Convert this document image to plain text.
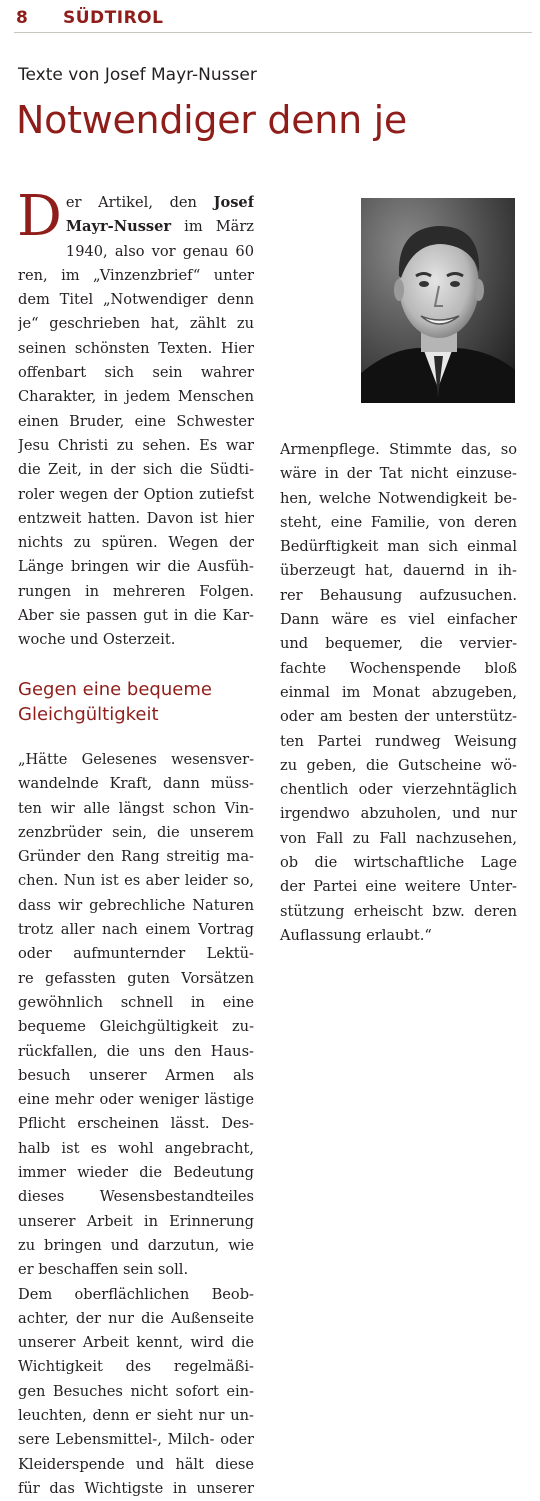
8 SÜDTIROL
Texte von Josef Mayr-Nusser
Notwendiger denn je
D er Artikel, den Josef
Mayr-Nusser im März
1940, also vor genau 60
ren, im „Vinzenzbrief“ unter
dem Titel „Notwendiger denn
je“ geschrieben hat, zählt zu
seinen schönsten Texten. Hier
offenbart sich sein wahrer
Charakter, in jedem Menschen
einen Bruder, eine Schwester
Jesu Christi zu sehen. Es war
die Zeit, in der sich die Südti-
roler wegen der Option zutiefst
entzweit hatten. Davon ist hier
nichts zu spüren. Wegen der
Länge bringen wir die Ausfüh-
rungen in mehreren Folgen.
Aber sie passen gut in die Kar-
woche und Osterzeit.
Gegen eine bequeme
Gleichgültigkeit
„Hätte Gelesenes wesensver-
wandelnde Kraft, dann müss-
ten wir alle längst schon Vin-
zenzbrüder sein, die unserem
Gründer den Rang streitig ma-
chen. Nun ist es aber leider so,
dass wir gebrechliche Naturen
trotz aller nach einem Vortrag
oder aufmunternder Lektü-
re gefassten guten Vorsätzen
gewöhnlich schnell in eine
bequeme Gleichgültigkeit zu-
rückfallen, die uns den Haus-
besuch unserer Armen als
eine mehr oder weniger lästige
Pflicht erscheinen lässt. Des-
halb ist es wohl angebracht,
immer wieder die Bedeutung
dieses Wesensbestandteiles
unserer Arbeit in Erinnerung
zu bringen und darzutun, wie
er beschaffen sein soll.
Dem oberflächlichen Beob-
achter, der nur die Außenseite
unserer Arbeit kennt, wird die
Wichtigkeit des regelmäßi-
gen Besuches nicht sofort ein-
leuchten, denn er sieht nur un-
sere Lebensmittel-, Milch- oder
Kleiderspende und hält diese
für das Wichtigste in unserer
Armenpflege. Stimmte das, so
wäre in der Tat nicht einzuse-
hen, welche Notwendigkeit be-
steht, eine Familie, von deren
Bedürftigkeit man sich einmal
überzeugt hat, dauernd in ih-
rer Behausung aufzusuchen.
Dann wäre es viel einfacher
und bequemer, die vervier-
fachte Wochenspende bloß
einmal im Monat abzugeben,
oder am besten der unterstütz-
ten Partei rundweg Weisung
zu geben, die Gutscheine wö-
chentlich oder vierzehntäglich
irgendwo abzuholen, und nur
von Fall zu Fall nachzusehen,
ob die wirtschaftliche Lage
der Partei eine weitere Unter-
stützung erheischt bzw. deren
Auflassung erlaubt.“
